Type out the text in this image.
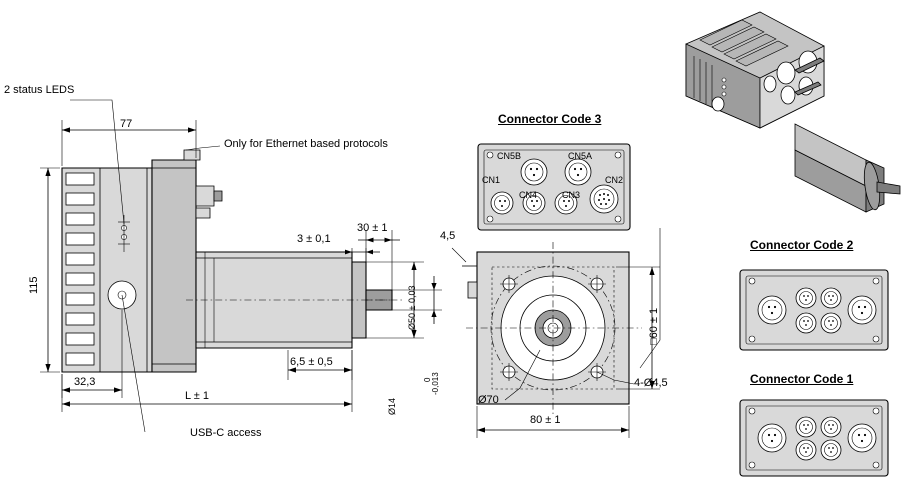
2 status LEDS
Only for Ethernet based protocols
USB-C access
77
115
32,3
L ± 1
3 ± 0,1
30 ± 1
6,5 ± 0,5
Ø50 ± 0,03
Ø14
0 -0,013
4,5
□60 ± 1
80 ± 1
Ø70
4-Ø4,5
Connector Code 3
CN5B	CN5A
CN1
CN4	CN3
CN2
Connector Code 2
Connector Code 1
